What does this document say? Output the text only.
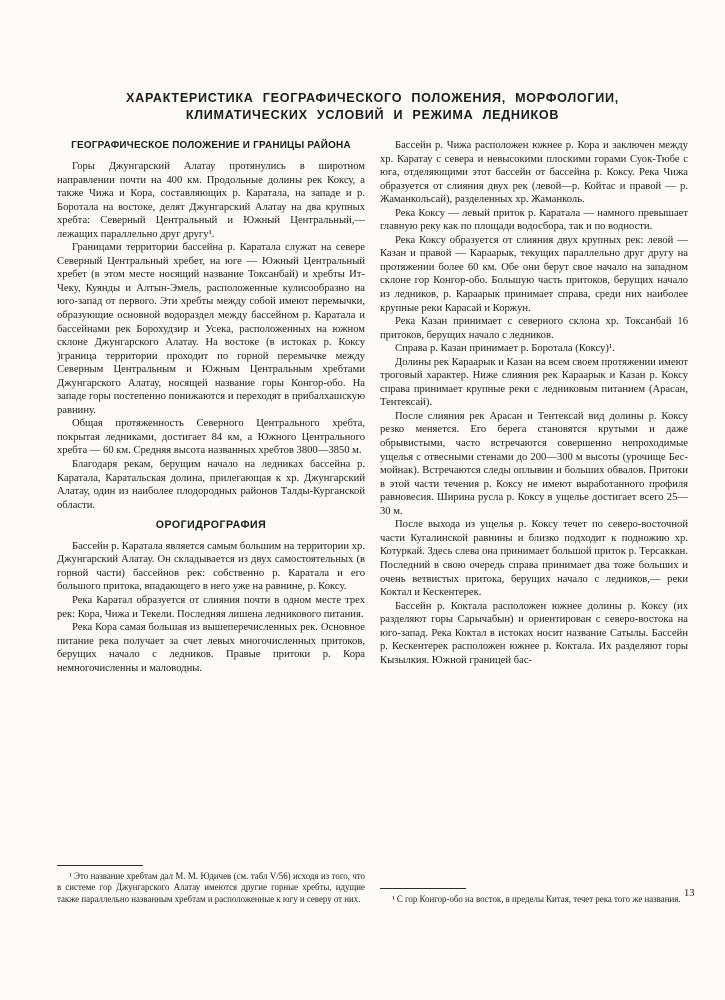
ХАРАКТЕРИСТИКА ГЕОГРАФИЧЕСКОГО ПОЛОЖЕНИЯ, МОРФОЛОГИИ,
КЛИМАТИЧЕСКИХ УСЛОВИЙ И РЕЖИМА ЛЕДНИКОВ
ГЕОГРАФИЧЕСКОЕ ПОЛОЖЕНИЕ И ГРАНИЦЫ РАЙОНА

Горы Джунгарский Алатау протянулись в широтном направлении почти на 400 км. Продольные долины рек Коксу, а также Чижа и Кора, составляющих р. Каратала, на западе и р. Боротала на востоке, делят Джунгарский Алатау на два крупных хребта: Северный Центральный и Южный Центральный,—лежащих параллельно друг другу¹.

Границами территории бассейна р. Каратала служат на севере Северный Центральный хребет, на юге — Южный Центральный хребет (в этом месте носящий название Токсанбай) и хребты Ит-Чеку, Куянды и Алтын-Эмель, расположенные кулисообразно на юго-запад от первого. Эти хребты между собой имеют перемычки, образующие основной водораздел между бассейном р. Каратала и бассейнами рек Борохудзир и Усека, расположенных на южном склоне Джунгарского Алатау. На востоке (в истоках р. Коксу )граница территории проходит по горной перемычке между Северным Центральным и Южным Центральным хребтами Джунгарского Алатау, носящей название горы Конгор-обо. На западе горы постепенно понижаются и переходят в прибалхашскую равнину.

Общая протяженность Северного Центрального хребта, покрытая ледниками, достигает 84 км, а Южного Центрального хребта — 60 км. Средняя высота названных хребтов 3800—3850 м.

Благодаря рекам, берущим начало на ледниках бассейна р. Каратала, Каратальская долина, прилегающая к хр. Джунгарский Алатау, один из наиболее плодородных районов Талды-Курганской области.

ОРОГИДРОГРАФИЯ

Бассейн р. Каратала является самым большим на территории хр. Джунгарский Алатау. Он складывается из двух самостоятельных (в горной части) бассейнов рек: собственно р. Каратала и его большого притока, впадающего в него уже на равнине, р. Коксу.

Река Каратал образуется от слияния почти в одном месте трех рек: Кора, Чижа и Текели. Последняя лишена ледникового питания.

Река Кора самая большая из вышеперечисленных рек. Основное питание река получает за счет левых многочисленных притоков, берущих начало с ледников. Правые притоки р. Кора немногочисленны и маловодны.

¹ Это название хребтам дал М. М. Юдичев (см. табл V/56) исходя из того, что в системе гор Джунгарского Алатау имеются другие горные хребты, идущие также параллельно названным хребтам и расположенные к югу и северу от них.

Бассейн р. Чижа расположен южнее р. Кора и заключен между хр. Каратау с севера и невысокими плоскими горами Суок-Тюбе с юга, отделяющими этот бассейн от бассейна р. Коксу. Река Чижа образуется от слияния двух рек (левой—р. Койтас и правой — р. Жаманкольсай), разделенных хр. Жаманколь.

Река Коксу — левый приток р. Каратала — намного превышает главную реку как по площади водосбора, так и по водности.

Река Коксу образуется от слияния двух крупных рек: левой — Казан и правой — Караарык, текущих параллельно друг другу на протяжении более 60 км. Обе они берут свое начало на западном склоне гор Конгор-обо. Большую часть притоков, берущих начало из ледников, р. Караарык принимает справа, среди них наиболее крупные реки Карасай и Коржун.

Река Казан принимает с северного склона хр. Токсанбай 16 притоков, берущих начало с ледников.

Справа р. Казан принимает р. Боротала (Коксу)¹.

Долины рек Караарык и Казан на всем своем протяжении имеют троговый характер. Ниже слияния рек Караарык и Казан р. Коксу справа принимает крупные реки с ледниковым питанием (Арасан, Тентексай).

После слияния рек Арасан и Тентексай вид долины р. Коксу резко меняется. Его берега становятся крутыми и даже обрывистыми, часто встречаются совершенно непроходимые ущелья с отвесными стенами до 200—300 м высоты (урочище Бес-мойнак). Встречаются следы оплывин и больших обвалов. Притоки в этой части течения р. Коксу не имеют выработанного профиля равновесия. Ширина русла р. Коксу в ущелье достигает всего 25—30 м.

После выхода из ущелья р. Коксу течет по северо-восточной части Кугалинской равнины и близко подходит к подножию хр. Котуркай. Здесь слева она принимает большой приток р. Терсаккан. Последний в свою очередь справа принимает два тоже больших и очень ветвистых притока, берущих начало с ледников,— реки Коктал и Кескентерек.

Бассейн р. Коктала расположен южнее долины р. Коксу (их разделяют горы Сарычабын) и ориентирован с северо-востока на юго-запад. Река Коктал в истоках носит название Сатылы. Бассейн р. Кескентерек расположен южнее р. Коктала. Их разделяют горы Кызылкия. Южной границей бас-

¹ С гор Конгор-обо на восток, в пределы Китая, течет река того же названия. 13
